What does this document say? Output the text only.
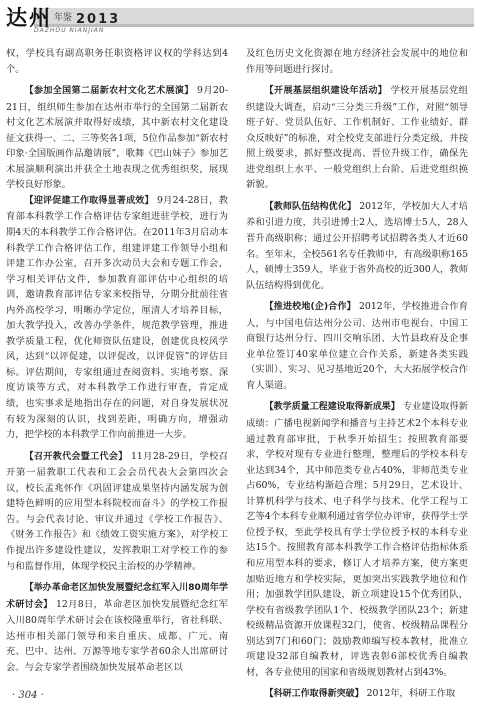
达州 年鉴 2013
DAZHOU NIANJIAN

权，学校具有副高职务任职资格评议权的学科达到4个。

【参加全国第二届新农村文化艺术展演】 9月20-21日，组织师生参加在达州市举行的全国第二届新农村文化艺术展演并取得好成绩，其中新农村文化建设征文获得一、二、三等奖各1项，5位作品参加“新农村印象·全国版画作品邀请展”，歌舞《巴山妹子》参加艺术展演顺利演出并获全土地表现之优秀组织奖，展现学校良好形象。

【迎评促建工作取得显著成效】 9月24-28日，教育部本科教学工作合格评估专家组进驻学校，进行为期4天的本科教学工作合格评估。在2011年3月启动本科教学工作合格评估工作，组建评建工作领导小组和评建工作办公室，召开多次动员大会和专题工作会，学习相关评估文件，参加教育部评估中心组织的培训，邀请教育部评估专家来校指导，分期分批前往省内外高校学习，明晰办学定位，厘清人才培养目标，加大教学投入，改善办学条件，规范教学管理，推进教学质量工程，优化师资队伍建设，创建优良校风学风，达到“以评促建，以评促改，以评促管”的评估目标。评估期间，专家组通过查阅资料、实地考察、深度访谈等方式，对本科教学工作进行审查，肯定成绩，也实事求是地指出存在的问题，对自身发展状况有较为深刻的认识，找到差距，明确方向，增强动力，把学校的本科教学工作向前推进一大步。

【召开教代会暨工代会】 11月28-29日，学校召开第一届教职工代表和工会会员代表大会第四次会议，校长孟兆怀作《巩固评建成果坚持内涵发展为创建特色鲜明的应用型本科院校而奋斗》的学校工作报告。与会代表讨论、审议并通过《学校工作报告》、《财务工作报告》和《绩效工资实施方案》，对学校工作提出许多建设性建议，发挥教职工对学校工作的参与和监督作用，体现学校民主治校的办学精神。

【举办革命老区加快发展暨纪念红军入川80周年学术研讨会】 12月8日，革命老区加快发展暨纪念红军入川80周年学术研讨会在该校隆重举行，省社科联、达州市相关部门领导和来自重庆、成都、广元、南充、巴中、达州、万源等地专家学者60余人出席研讨会。与会专家学者围绕加快发展革命老区以

及红色历史文化资源在地方经济社会发展中的地位和作用等问题进行探讨。

【开展基层组织建设年活动】 学校开展基层党组织建设大调查，启动“三分类三升级”工作，对照“领导班子好、党员队伍好、工作机制好、工作业绩好、群众反映好”的标准，对全校党支部进行分类定级，并按照上级要求，抓好整改提高、晋位升级工作，确保先进党组织上水平、一般党组织上台阶、后进党组织换新貌。

【教师队伍结构优化】 2012年，学校加大人才培养和引进力度，共引进博士2人，选培博士5人，28人晋升高级职称；通过公开招聘考试招聘各类人才近60名。至年末，全校561名专任教师中，有高级职称165人，硕博士359人，毕业于省外高校的近300人，教师队伍结构得到优化。

【推进校地(企)合作】 2012年，学校推进合作育人，与中国电信达州分公司、达州市电视台、中国工商银行达州分行、四川交响乐团、大竹县政府及企事业单位签订40家单位建立合作关系，新建各类实践（实训）、实习、见习基地近20个，大大拓展学校合作育人渠道。

【教学质量工程建设取得新成果】 专业建设取得新成绩：广播电视新闻学和播音与主持艺术2个本科专业通过教育部审批，于秋季开始招生；按照教育部要求，学校对现有专业进行整理，整理后的学校本科专业达到34个，其中师范类专业占40%，非师范类专业占60%，专业结构渐趋合理；5月29日，艺术设计、计算机科学与技术、电子科学与技术、化学工程与工艺等4个本科专业顺利通过省学位办评审，获得学士学位授予权，至此学校具有学士学位授予权的本科专业达15个。按照教育部本科教学工作合格评估指标体系和应用型本科的要求，修订人才培养方案，使方案更加贴近地方和学校实际，更加突出实践教学地位和作用；加强教学团队建设，新立项建设15个优秀团队，学校有省级教学团队1个、校级教学团队23个；新建校级精品资源开放课程32门，使省、校级精品课程分别达到7门和60门；鼓励教师编写校本教材，批准立项建设32部自编教材，评选表彰6部校优秀自编教材，各专业使用的国家和省级规划教材占到43%。

【科研工作取得新突破】 2012年，科研工作取

· 304 ·
